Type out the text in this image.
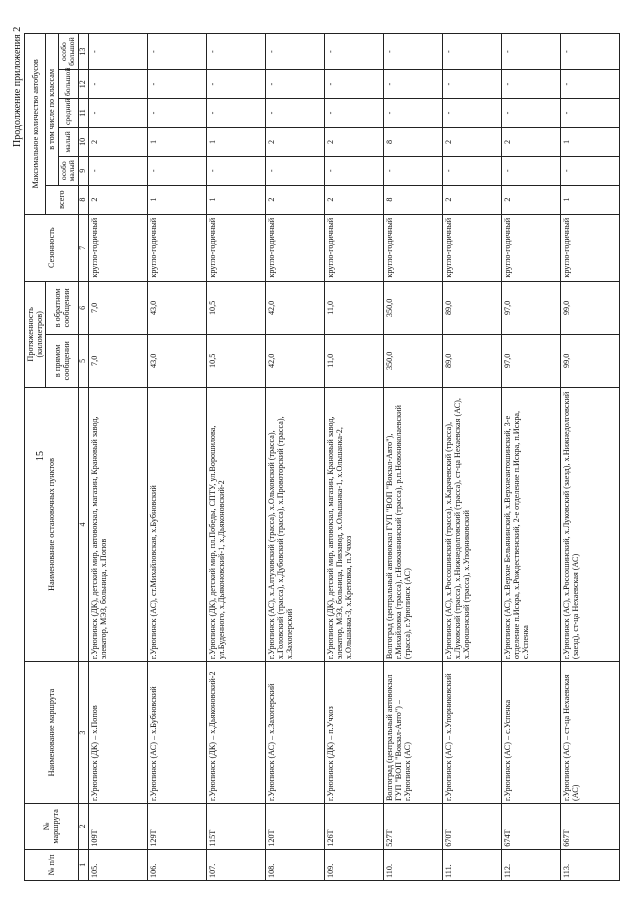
15
Продолжение приложения 2
№ п/п	№ маршрута	Наименование маршрута	Наименование остановочных пунктов	Протяженность (километров)		Сезонность	Максимальное количество автобусов					
				в прямом сообщении	в обратном сообщении		всего	в том числе по классам				
								особо малый	малый	средний	большой	особо большой
1	2	3	4	5	6	7	8	9	10	11	12	13
105.	109Т	г.Урюпинск (ДК) – х.Попов	г.Урюпинск (ДК), детский мир, автовокзал, магазин, Крановый завод, элеватор, МЭЗ, больница, х.Попов	7,0	7,0	кругло-годичный	2	-	2	-	-	-
106.	129Т	г.Урюпинск (АС) – х.Бубновский	г.Урюпинск (АС), ст.Михайловская, х.Бубновский	43,0	43,0	кругло-годичный	1	-	1	-	-	-
107.	115Т	г.Урюпинск (ДК) – х.Дьяконовский-2	г.Урюпинск (ДК), детский мир, пл.Победы, СПТУ, ул.Ворошилова, ул.Буденного, х.Дьяконовский-1, х.Дьяконовский-2	10,5	10,5	кругло-годичный	1	-	1	-	-	-
108.	120Т	г.Урюпинск (АС) – х.Захоперский	г.Урюпинск (АС), х.Алтуховский (трасса), х.Ольховский (трасса), х.Головский (трасса), х.Дубовский (трасса), х.Провоторский (трасса), х.Захоперский	42,0	42,0	кругло-годичный	2	-	2	-	-	-
109.	126Т	г.Урюпинск (ДК) – п.Учхоз	г.Урюпинск (ДК), детский мир, автовокзал, магазин, Крановый завод, элеватор, МЭЗ, больница, Пивзавод, х.Ольшанка-1, х.Ольшанка-2, х.Ольшанка-3, х.Креповка, п.Учхоз	11,0	11,0	кругло-годичный	2	-	2	-	-	-
110.	527Т	Волгоград (центральный автовокзал ГУП "ВОП "Вокзал-Авто") – г.Урюпинск (АС)	Волгоград (центральный автовокзал ГУП "ВОП "Вокзал-Авто"), г.Михайловка (трасса), г.Новоаннинский (трасса), р.п.Новониколаевский (трасса), г.Урюпинск (АС)	350,0	350,0	кругло-годичный	8	-	8	-	-	-
111.	670Т	г.Урюпинск (АС) – х.Упорниковский	г.Урюпинск (АС), х.Россошинский (трасса), х.Карачевский (трасса), х.Луковский (трасса), х.Нижнедолговский (трасса), ст-ца Нехаевская (АС), х.Хорошенский (трасса), х.Упорниковский	89,0	89,0	кругло-годичный	2	-	2	-	-	-
112.	674Т	г.Урюпинск (АС) – с.Успенка	г.Урюпинск (АС), х.Верхне Бельянинский, х.Верхнеантошинский, 3-е отделение п.Искра, х.Рождественский, 2-е отделение п.Искра, п.Искра, с.Успенка	97,0	97,0	кругло-годичный	2	-	2	-	-	-
113.	667Т	г.Урюпинск (АС) – ст-ца Нехаевская (АС)	г.Урюпинск (АС), х.Россошинский, х.Луковский (заезд), х.Нижнедолговский (заезд), ст-ца Нехаевская (АС)	99,0	99,0	кругло-годичный	1	-	1	-	-	-
